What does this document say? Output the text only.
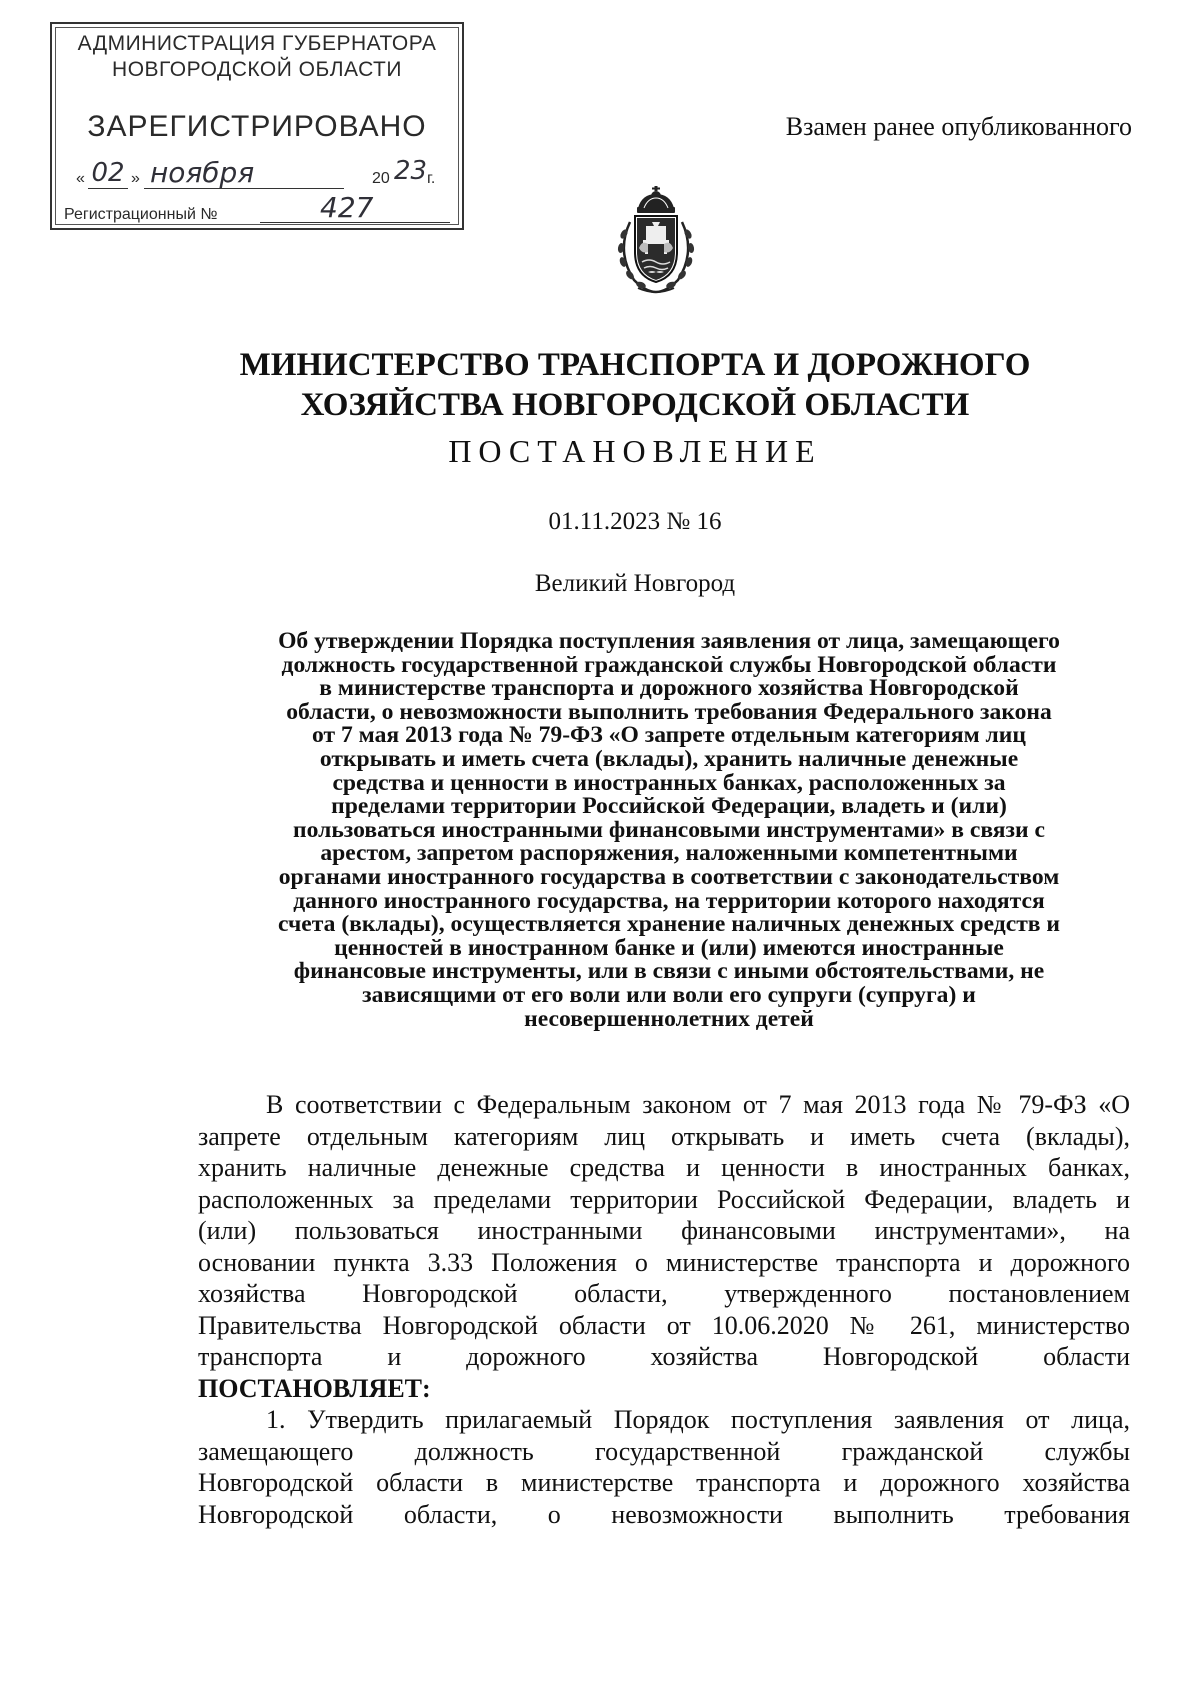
АДМИНИСТРАЦИЯ ГУБЕРНАТОРА
НОВГОРОДСКОЙ ОБЛАСТИ
ЗАРЕГИСТРИРОВАНО
« 02 » ноября	20 23 г.
Регистрационный №	427
Взамен ранее опубликованного
МИНИСТЕРСТВО ТРАНСПОРТА И ДОРОЖНОГО
ХОЗЯЙСТВА НОВГОРОДСКОЙ ОБЛАСТИ
ПОСТАНОВЛЕНИЕ
01.11.2023 № 16
Великий Новгород
Об утверждении Порядка поступления заявления от лица, замещающего
должность государственной гражданской службы Новгородской области
в министерстве транспорта и дорожного хозяйства Новгородской
области, о невозможности выполнить требования Федерального закона
от 7 мая 2013 года № 79-ФЗ «О запрете отдельным категориям лиц
открывать и иметь счета (вклады), хранить наличные денежные
средства и ценности в иностранных банках, расположенных за
пределами территории Российской Федерации, владеть и (или)
пользоваться иностранными финансовыми инструментами» в связи с
арестом, запретом распоряжения, наложенными компетентными
органами иностранного государства в соответствии с законодательством
данного иностранного государства, на территории которого находятся
счета (вклады), осуществляется хранение наличных денежных средств и
ценностей в иностранном банке и (или) имеются иностранные
финансовые инструменты, или в связи с иными обстоятельствами, не
зависящими от его воли или воли его супруги (супруга) и
несовершеннолетних детей
В соответствии с Федеральным законом от 7 мая 2013 года № 79-ФЗ «О
запрете отдельным категориям лиц открывать и иметь счета (вклады),
хранить наличные денежные средства и ценности в иностранных банках,
расположенных за пределами территории Российской Федерации, владеть и
(или) пользоваться иностранными финансовыми инструментами», на
основании пункта 3.33 Положения о министерстве транспорта и дорожного
хозяйства Новгородской области, утвержденного постановлением
Правительства Новгородской области от 10.06.2020 № 261, министерство
транспорта и дорожного хозяйства Новгородской области
ПОСТАНОВЛЯЕТ:
1. Утвердить прилагаемый Порядок поступления заявления от лица,
замещающего должность государственной гражданской службы
Новгородской области в министерстве транспорта и дорожного хозяйства
Новгородской области, о невозможности выполнить требования
